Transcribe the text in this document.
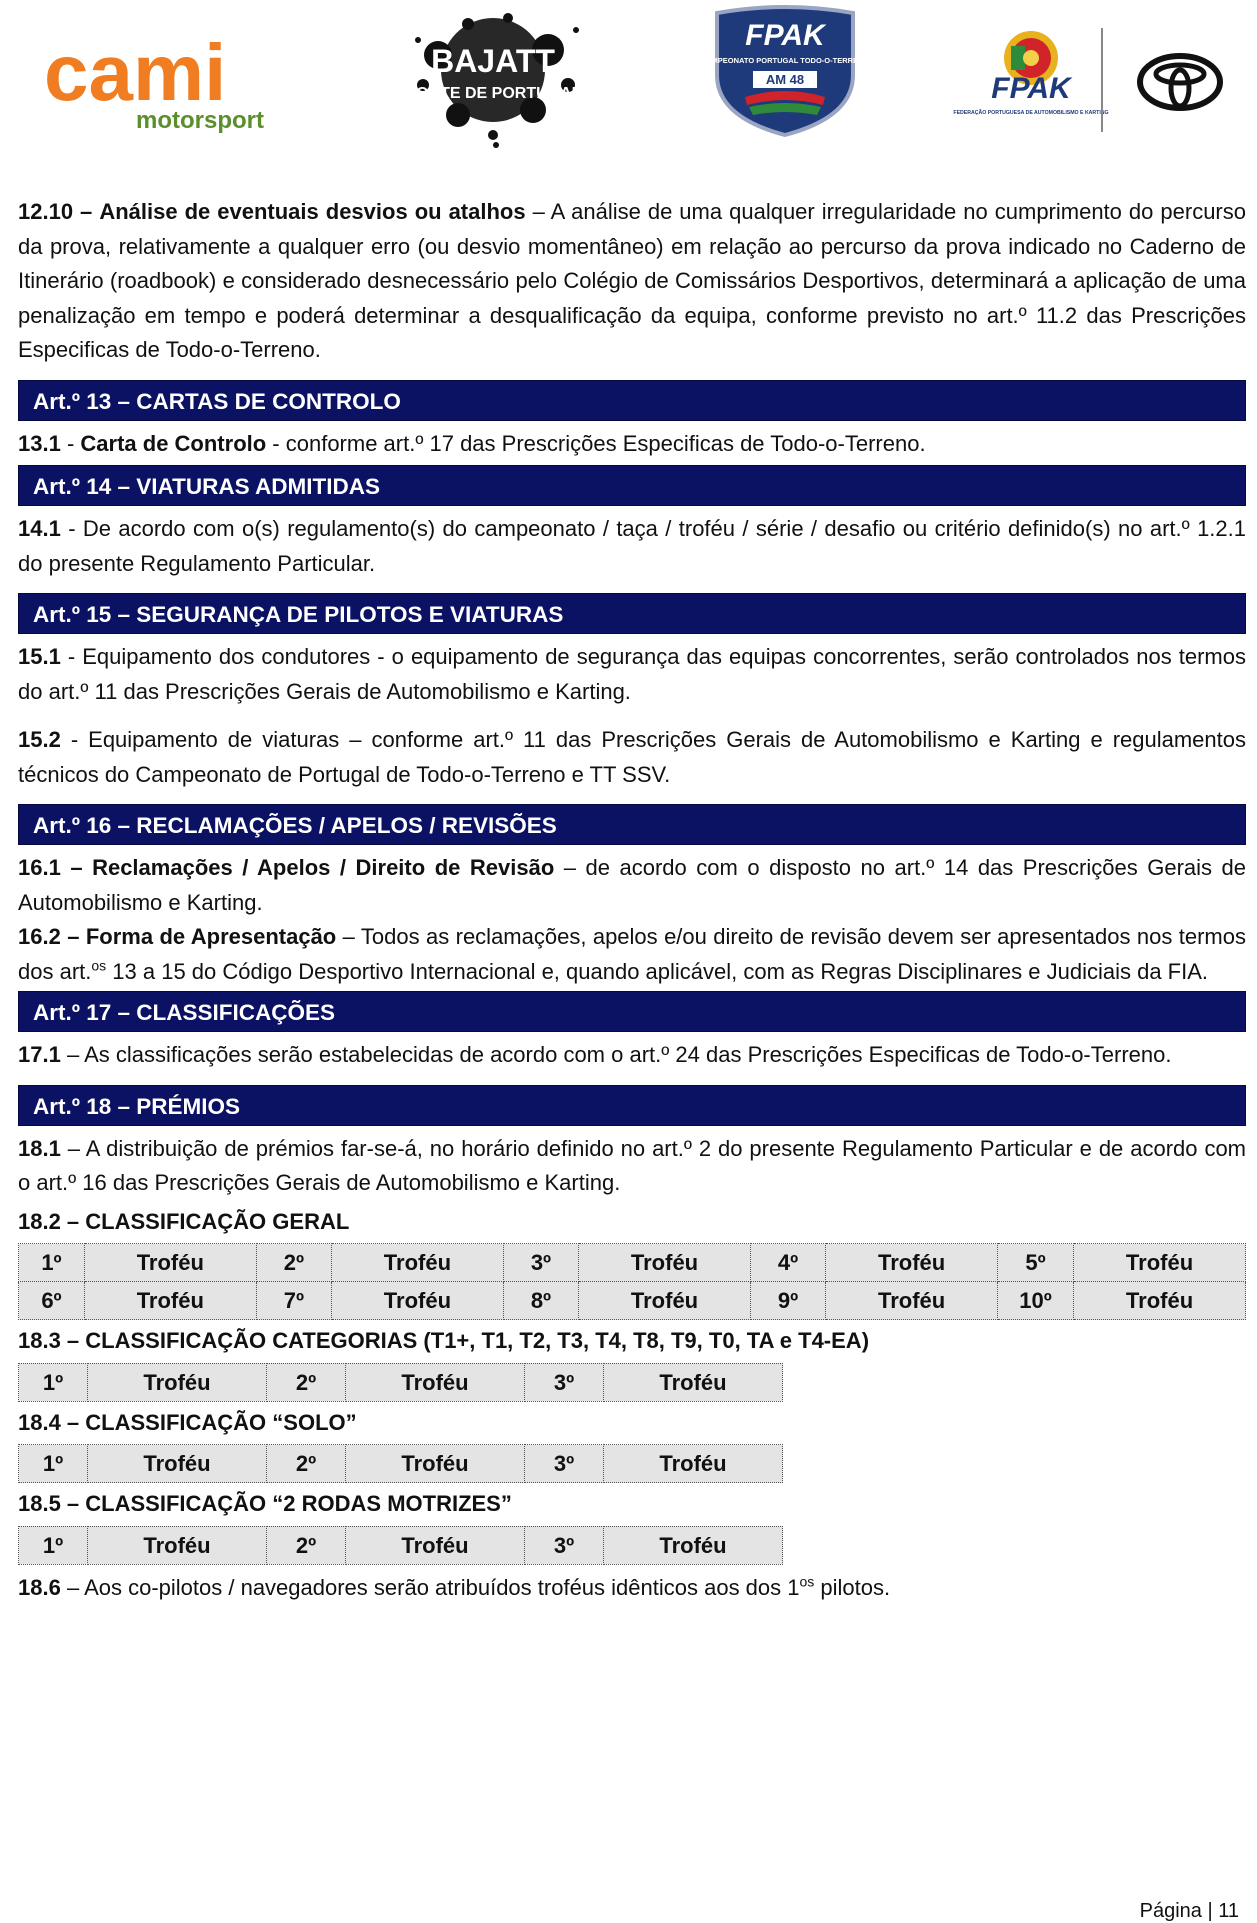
cami
motorsport
BAJATT
NORTE DE PORTUGAL
FPAK
CAMPEONATO PORTUGAL TODO-O-TERRENO
AM 48	FPAK
FEDERAÇÃO PORTUGUESA DE AUTOMOBILISMO E KARTING

12.10 – Análise de eventuais desvios ou atalhos – A análise de uma qualquer irregularidade no cumprimento do percurso da prova, relativamente a qualquer erro (ou desvio momentâneo) em relação ao percurso da prova indicado no Caderno de Itinerário (roadbook) e considerado desnecessário pelo Colégio de Comissários Desportivos, determinará a aplicação de uma penalização em tempo e poderá determinar a desqualificação da equipa, conforme previsto no art.º 11.2 das Prescrições Especificas de Todo-o-Terreno.

Art.º 13 – CARTAS DE CONTROLO

13.1 - Carta de Controlo - conforme art.º 17 das Prescrições Especificas de Todo-o-Terreno.

Art.º 14 – VIATURAS ADMITIDAS

14.1 - De acordo com o(s) regulamento(s) do campeonato / taça / troféu / série / desafio ou critério definido(s) no art.º 1.2.1 do presente Regulamento Particular.

Art.º 15 – SEGURANÇA DE PILOTOS E VIATURAS

15.1 - Equipamento dos condutores - o equipamento de segurança das equipas concorrentes, serão controlados nos termos do art.º 11 das Prescrições Gerais de Automobilismo e Karting.

15.2 - Equipamento de viaturas – conforme art.º 11 das Prescrições Gerais de Automobilismo e Karting e regulamentos técnicos do Campeonato de Portugal de Todo-o-Terreno e TT SSV.

Art.º 16 – RECLAMAÇÕES / APELOS / REVISÕES

16.1 – Reclamações / Apelos / Direito de Revisão – de acordo com o disposto no art.º 14 das Prescrições Gerais de Automobilismo e Karting.

16.2 – Forma de Apresentação – Todos as reclamações, apelos e/ou direito de revisão devem ser apresentados nos termos dos art.$^{os}$ 13 a 15 do Código Desportivo Internacional e, quando aplicável, com as Regras Disciplinares e Judiciais da FIA.

Art.º 17 – CLASSIFICAÇÕES

17.1 – As classificações serão estabelecidas de acordo com o art.º 24 das Prescrições Especificas de Todo-o-Terreno.

Art.º 18 – PRÉMIOS

18.1 – A distribuição de prémios far-se-á, no horário definido no art.º 2 do presente Regulamento Particular e de acordo com o art.º 16 das Prescrições Gerais de Automobilismo e Karting.

18.2 – CLASSIFICAÇÃO GERAL

1º	Troféu	2º	Troféu	3º	Troféu	4º	Troféu	5º	Troféu
6º	Troféu	7º	Troféu	8º	Troféu	9º	Troféu	10º	Troféu

18.3 – CLASSIFICAÇÃO CATEGORIAS (T1+, T1, T2, T3, T4, T8, T9, T0, TA e T4-EA)

1º	Troféu	2º	Troféu	3º	Troféu

18.4 – CLASSIFICAÇÃO “SOLO”

1º	Troféu	2º	Troféu	3º	Troféu

18.5 – CLASSIFICAÇÃO “2 RODAS MOTRIZES”

1º	Troféu	2º	Troféu	3º	Troféu

18.6 – Aos co-pilotos / navegadores serão atribuídos troféus idênticos aos dos $1^{os}$ pilotos.

Página | 11
